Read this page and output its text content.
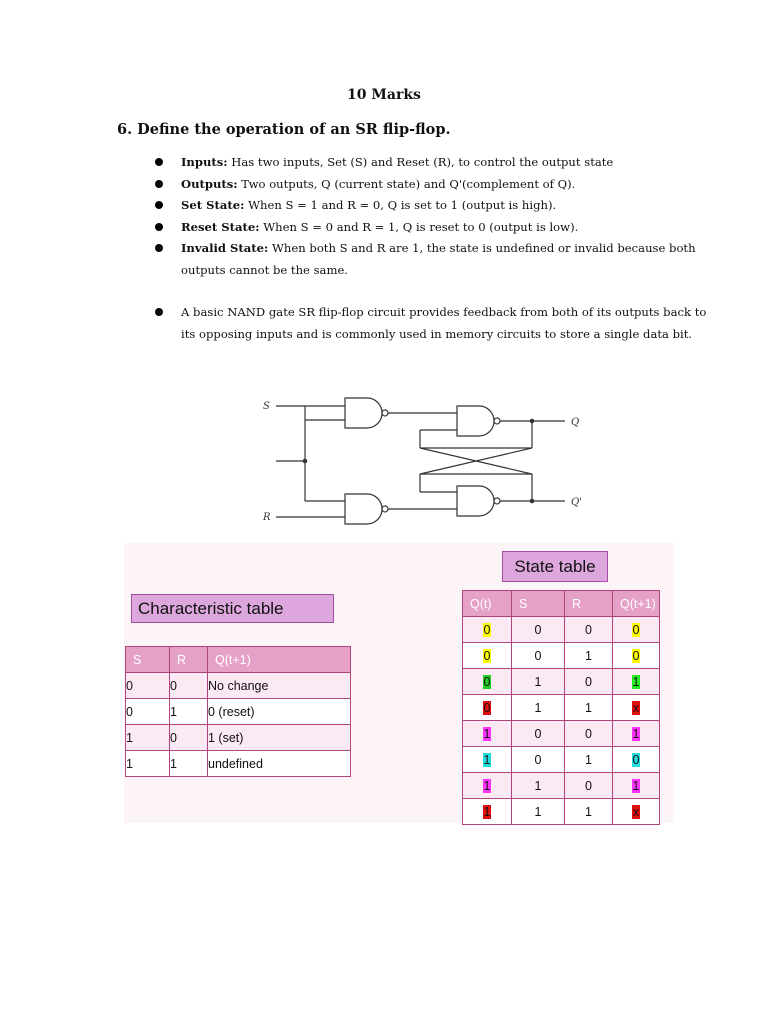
10 Marks
6. Define the operation of an SR flip-flop.
Inputs: Has two inputs, Set (S) and Reset (R), to control the output state
Outputs: Two outputs, Q (current state) and Q'(complement of Q).
Set State: When S = 1 and R = 0, Q is set to 1 (output is high).
Reset State: When S = 0 and R = 1, Q is reset to 0 (output is low).
Invalid State: When both S and R are 1, the state is undefined or invalid because both outputs cannot be the same.
A basic NAND gate SR flip-flop circuit provides feedback from both of its outputs back to its opposing inputs and is commonly used in memory circuits to store a single data bit.
S
R
Q
Q'
Characteristic table
State table
S	R	Q(t+1)
0	0	No change
0	1	0 (reset)
1	0	1 (set)
1	1	undefined
Q(t)	S	R	Q(t+1)
0	0	0	0
0	0	1	0
0	1	0	1
0	1	1	x
1	0	0	1
1	0	1	0
1	1	0	1
1	1	1	x
